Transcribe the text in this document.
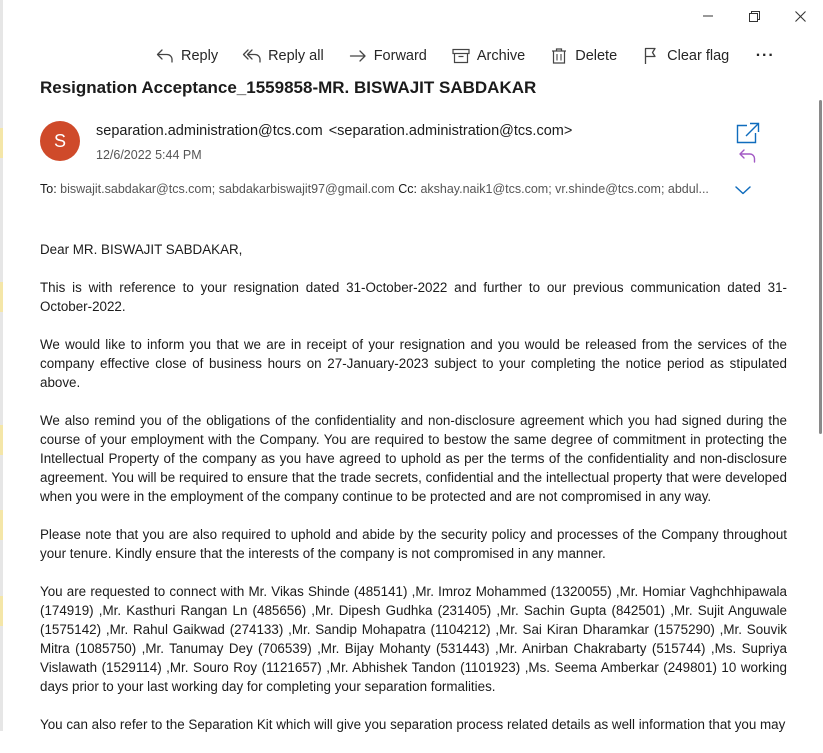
Reply	Reply all	Forward	Archive	Delete	Clear flag ···
Resignation Acceptance_1559858-MR. BISWAJIT SABDAKAR
S separation.administration@tcs.com <separation.administration@tcs.com>
12/6/2022 5:44 PM
To: biswajit.sabdakar@tcs.com; sabdakarbiswajit97@gmail.com Cc: akshay.naik1@tcs.com; vr.shinde@tcs.com; abdul...

Dear MR. BISWAJIT SABDAKAR,

This is with reference to your resignation dated 31-October-2022 and further to our previous communication dated 31-October-2022.

We would like to inform you that we are in receipt of your resignation and you would be released from the services of the company effective close of business hours on 27-January-2023 subject to your completing the notice period as stipulated above.

We also remind you of the obligations of the confidentiality and non-disclosure agreement which you had signed during the course of your employment with the Company. You are required to bestow the same degree of commitment in protecting the Intellectual Property of the company as you have agreed to uphold as per the terms of the confidentiality and non-disclosure agreement. You will be required to ensure that the trade secrets, confidential and the intellectual property that were developed when you were in the employment of the company continue to be protected and are not compromised in any way.

Please note that you are also required to uphold and abide by the security policy and processes of the Company throughout your tenure. Kindly ensure that the interests of the company is not compromised in any manner.

You are requested to connect with Mr. Vikas Shinde (485141) ,Mr. Imroz Mohammed (1320055) ,Mr. Homiar Vaghchhipawala (174919) ,Mr. Kasthuri Rangan Ln (485656) ,Mr. Dipesh Gudhka (231405) ,Mr. Sachin Gupta (842501) ,Mr. Sujit Anguwale (1575142) ,Mr. Rahul Gaikwad (274133) ,Mr. Sandip Mohapatra (1104212) ,Mr. Sai Kiran Dharamkar (1575290) ,Mr. Souvik Mitra (1085750) ,Mr. Tanumay Dey (706539) ,Mr. Bijay Mohanty (531443) ,Mr. Anirban Chakrabarty (515744) ,Ms. Supriya Vislawath (1529114) ,Mr. Souro Roy (1121657) ,Mr. Abhishek Tandon (1101923) ,Ms. Seema Amberkar (249801) 10 working days prior to your last working day for completing your separation formalities.

You can also refer to the Separation Kit which will give you separation process related details as well information that you may
